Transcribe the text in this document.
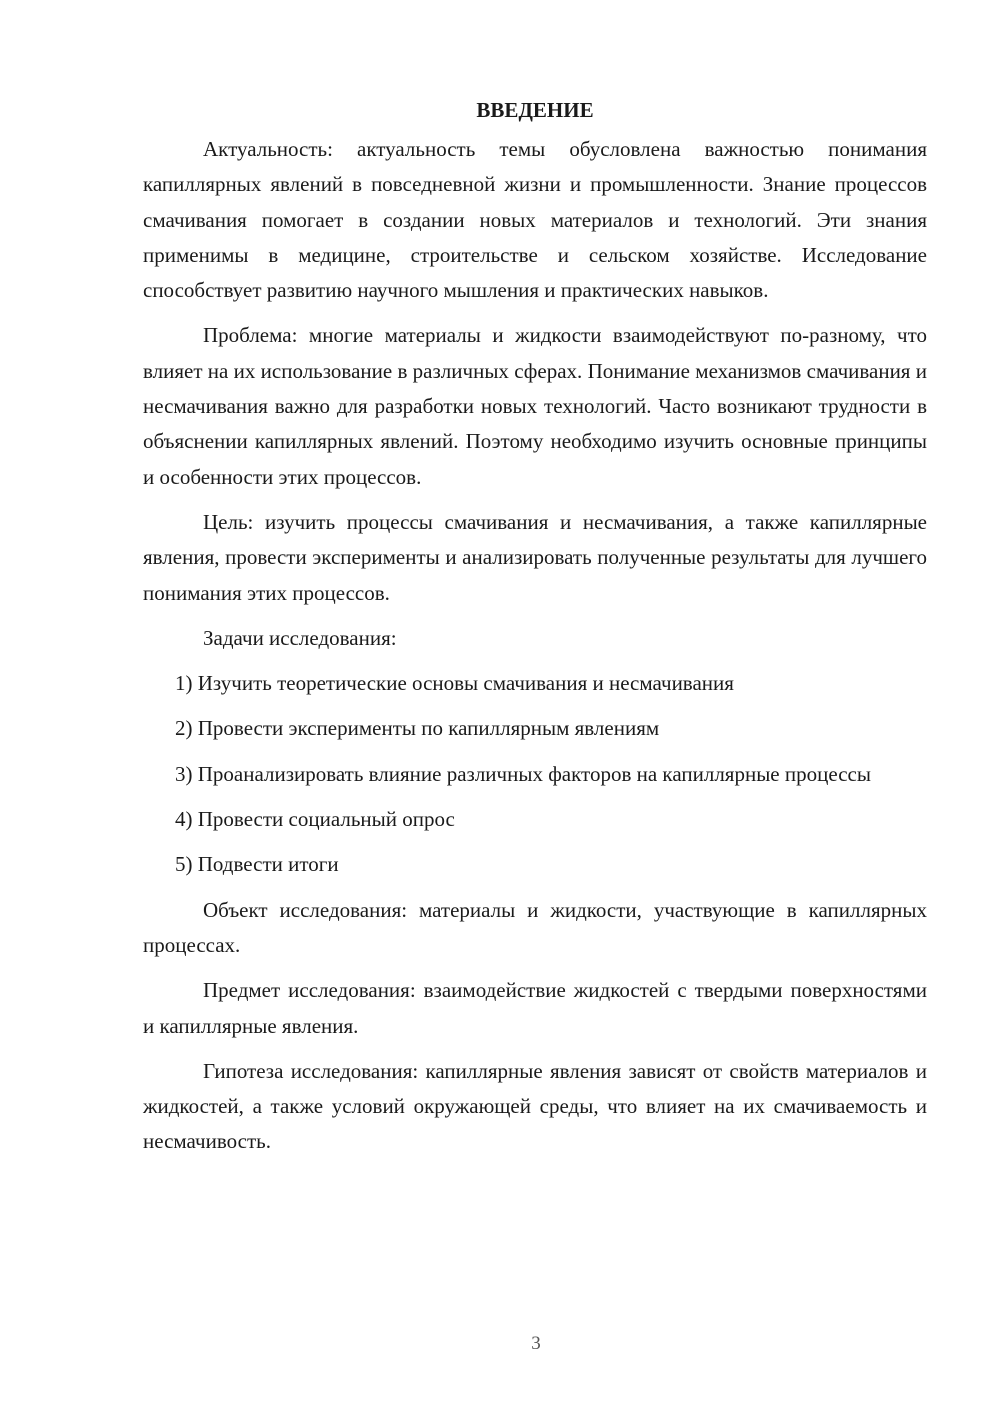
ВВЕДЕНИЕ

Актуальность: актуальность темы обусловлена важностью понимания капиллярных явлений в повседневной жизни и промышленности. Знание процессов смачивания помогает в создании новых материалов и технологий. Эти знания применимы в медицине, строительстве и сельском хозяйстве. Исследование способствует развитию научного мышления и практических навыков.

Проблема: многие материалы и жидкости взаимодействуют по-разному, что влияет на их использование в различных сферах. Понимание механизмов смачивания и несмачивания важно для разработки новых технологий. Часто возникают трудности в объяснении капиллярных явлений. Поэтому необходимо изучить основные принципы и особенности этих процессов.

Цель: изучить процессы смачивания и несмачивания, а также капиллярные явления, провести эксперименты и анализировать полученные результаты для лучшего понимания этих процессов.

Задачи исследования:

1) Изучить теоретические основы смачивания и несмачивания

2) Провести эксперименты по капиллярным явлениям

3) Проанализировать влияние различных факторов на капиллярные процессы

4) Провести социальный опрос

5) Подвести итоги

Объект исследования: материалы и жидкости, участвующие в капиллярных процессах.

Предмет исследования: взаимодействие жидкостей с твердыми поверхностями и капиллярные явления.

Гипотеза исследования: капиллярные явления зависят от свойств материалов и жидкостей, а также условий окружающей среды, что влияет на их смачиваемость и несмачивость.

3
